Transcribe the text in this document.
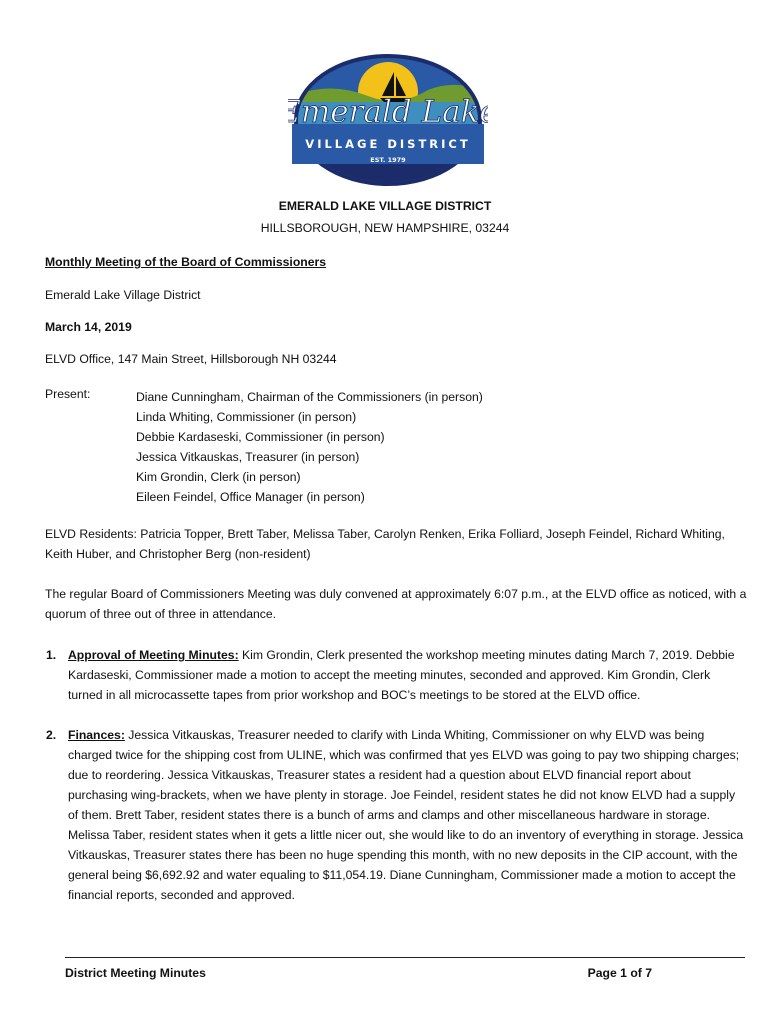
Emerald Lake
VILLAGE DISTRICT
EST. 1979
EMERALD LAKE VILLAGE DISTRICT
HILLSBOROUGH, NEW HAMPSHIRE, 03244
Monthly Meeting of the Board of Commissioners
Emerald Lake Village District
March 14, 2019
ELVD Office, 147 Main Street, Hillsborough NH 03244
Present:	Diane Cunningham, Chairman of the Commissioners (in person)
Linda Whiting, Commissioner (in person)
Debbie Kardaseski, Commissioner (in person)
Jessica Vitkauskas, Treasurer (in person)
Kim Grondin, Clerk (in person)
Eileen Feindel, Office Manager (in person)
ELVD Residents: Patricia Topper, Brett Taber, Melissa Taber, Carolyn Renken, Erika Folliard, Joseph Feindel, Richard Whiting, Keith Huber, and Christopher Berg (non-resident)
The regular Board of Commissioners Meeting was duly convened at approximately 6:07 p.m., at the ELVD office as noticed, with a quorum of three out of three in attendance.
1. Approval of Meeting Minutes: Kim Grondin, Clerk presented the workshop meeting minutes dating March 7, 2019. Debbie Kardaseski, Commissioner made a motion to accept the meeting minutes, seconded and approved. Kim Grondin, Clerk turned in all microcassette tapes from prior workshop and BOC’s meetings to be stored at the ELVD office.
2. Finances: Jessica Vitkauskas, Treasurer needed to clarify with Linda Whiting, Commissioner on why ELVD was being charged twice for the shipping cost from ULINE, which was confirmed that yes ELVD was going to pay two shipping charges; due to reordering. Jessica Vitkauskas, Treasurer states a resident had a question about ELVD financial report about purchasing wing-brackets, when we have plenty in storage. Joe Feindel, resident states he did not know ELVD had a supply of them. Brett Taber, resident states there is a bunch of arms and clamps and other miscellaneous hardware in storage. Melissa Taber, resident states when it gets a little nicer out, she would like to do an inventory of everything in storage. Jessica Vitkauskas, Treasurer states there has been no huge spending this month, with no new deposits in the CIP account, with the general being $6,692.92 and water equaling to $11,054.19. Diane Cunningham, Commissioner made a motion to accept the financial reports, seconded and approved.
District Meeting Minutes	Page 1 of 7
